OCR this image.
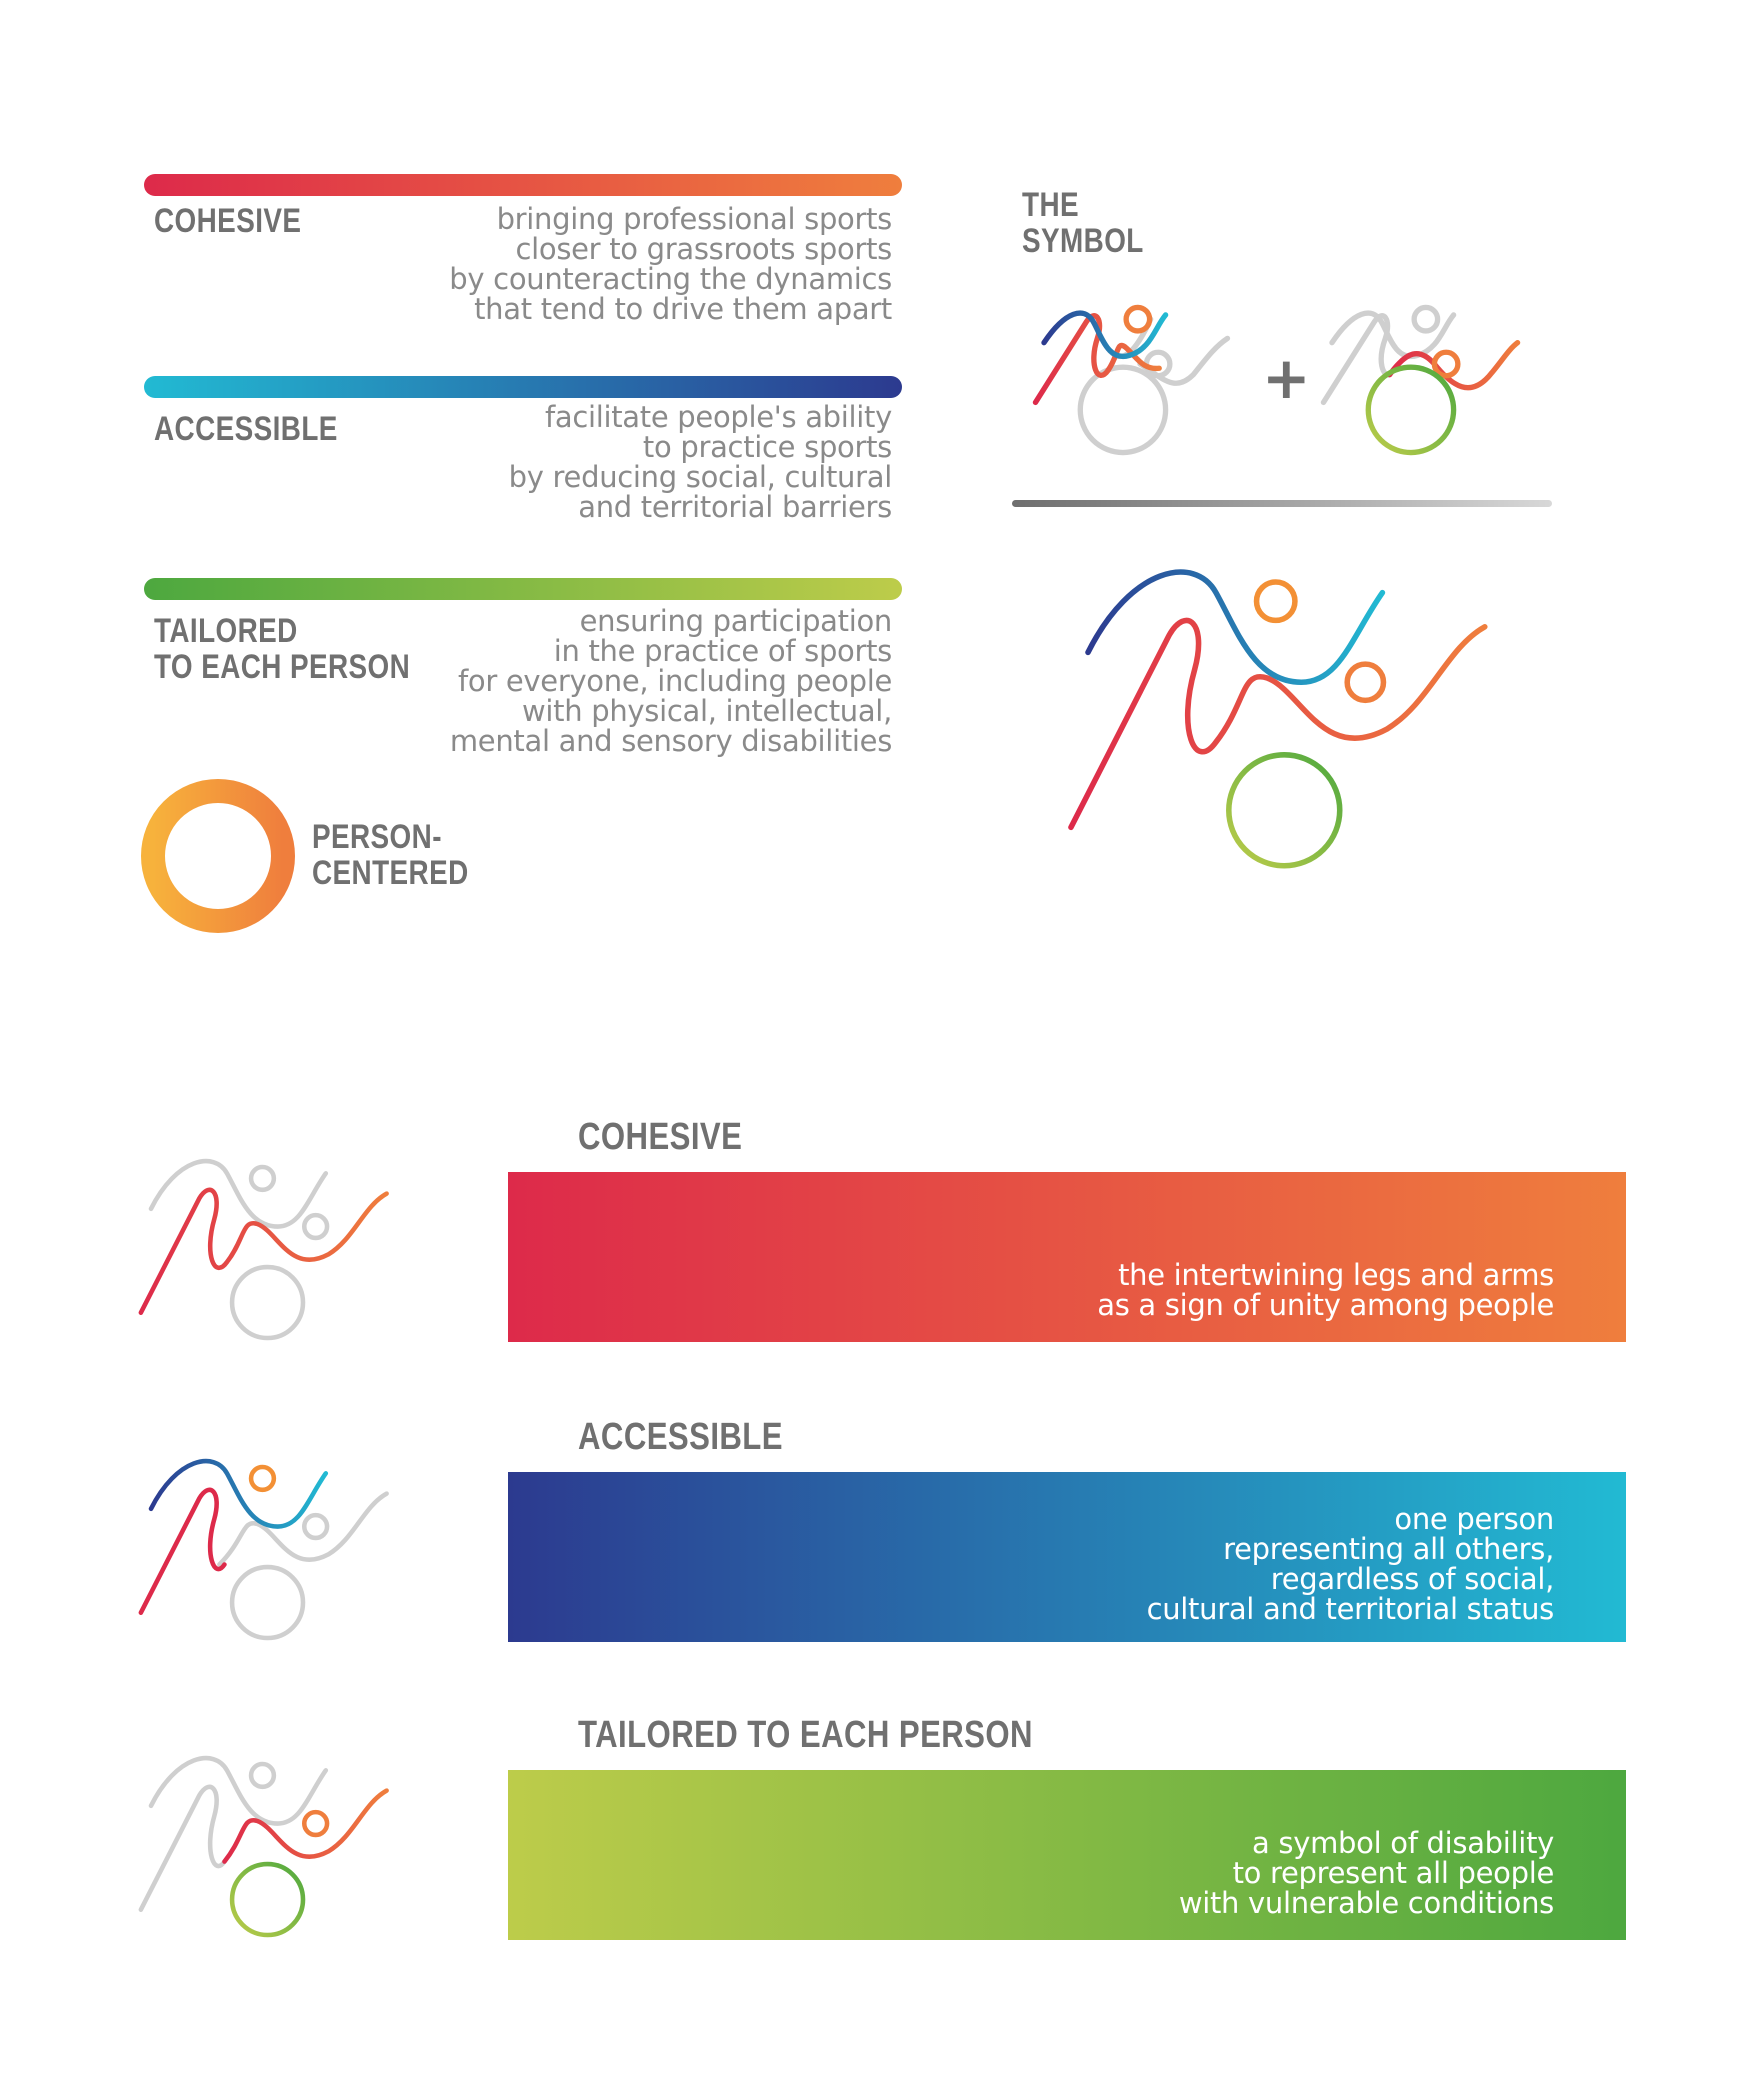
COHESIVE	bringing professional sports
closer to grassroots sports
by counteracting the dynamics
that tend to drive them apart
ACCESSIBLE	facilitate people's ability
to practice sports
by reducing social, cultural
and territorial barriers
TAILORED
TO EACH PERSON
ensuring participation
in the practice of sports
for everyone, including people
with physical, intellectual,
mental and sensory disabilities
PERSON-
CENTERED
THE
SYMBOL
+
COHESIVE
the intertwining legs and arms
as a sign of unity among people
ACCESSIBLE
one person
representing all others,
regardless of social,
cultural and territorial status
TAILORED TO EACH PERSON
a symbol of disability
to represent all people
with vulnerable conditions
